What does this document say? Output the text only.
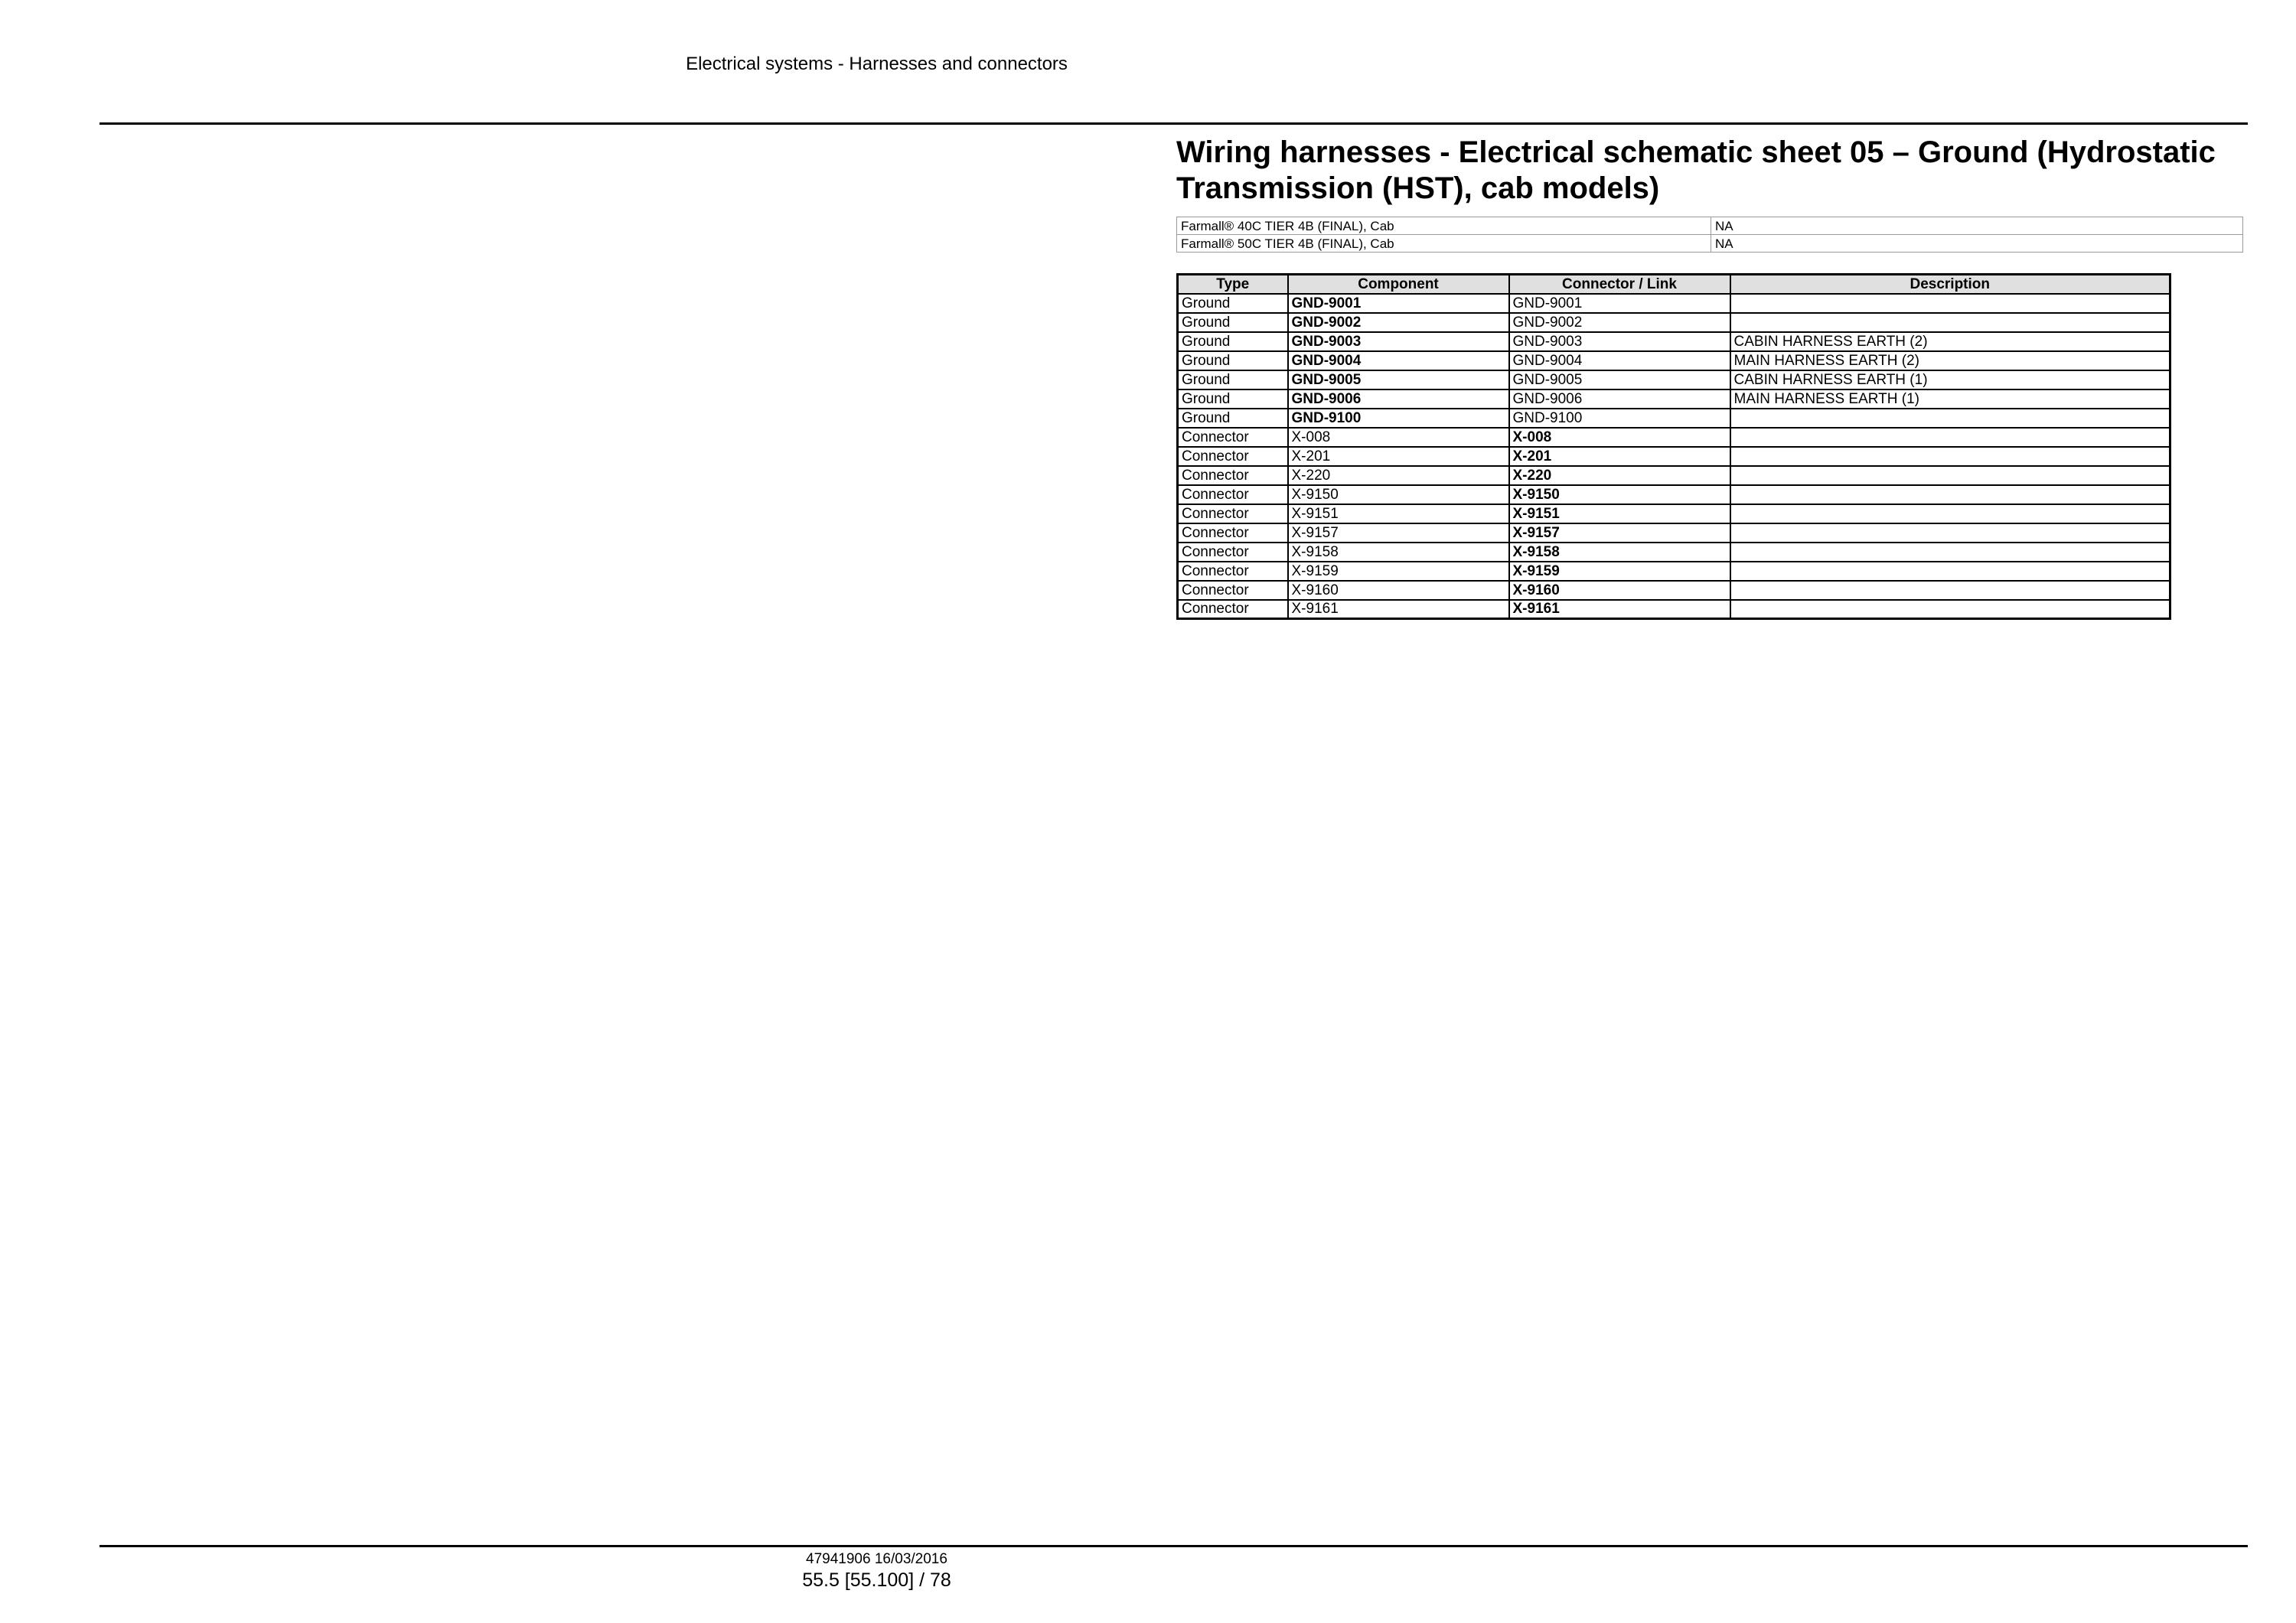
Electrical systems - Harnesses and connectors
Wiring harnesses - Electrical schematic sheet 05 – Ground (Hydrostatic Transmission (HST), cab models)
Farmall® 40C TIER 4B (FINAL), Cab	NA
Farmall® 50C TIER 4B (FINAL), Cab	NA
Type	Component	Connector / Link	Description
Ground	GND-9001	GND-9001	
Ground	GND-9002	GND-9002	
Ground	GND-9003	GND-9003	CABIN HARNESS EARTH (2)
Ground	GND-9004	GND-9004	MAIN HARNESS EARTH (2)
Ground	GND-9005	GND-9005	CABIN HARNESS EARTH (1)
Ground	GND-9006	GND-9006	MAIN HARNESS EARTH (1)
Ground	GND-9100	GND-9100	
Connector	X-008	X-008	
Connector	X-201	X-201	
Connector	X-220	X-220	
Connector	X-9150	X-9150	
Connector	X-9151	X-9151	
Connector	X-9157	X-9157	
Connector	X-9158	X-9158	
Connector	X-9159	X-9159	
Connector	X-9160	X-9160	
Connector	X-9161	X-9161	
47941906 16/03/2016
55.5 [55.100] / 78
